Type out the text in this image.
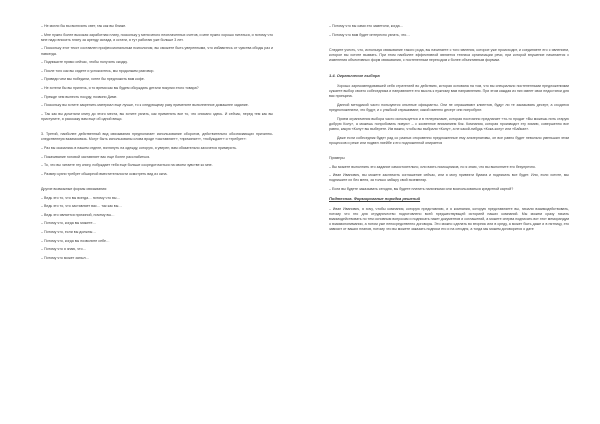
– Не могли бы вы включить свет, так как вы ближе.
– Мне нужно более высокая заработная плату, поскольку у меня много неоплаченных счетов, и мне нужно хорошо питаться, и потому что мне надо вносить плату за аренду склада, и кстати, я тут работаю уже больше 3 лет.
– Поскольку этот текст составлен профессиональным психологом, вы сможете быть уверенными, что избавитесь от чувства обиды раз и навсегда.
– Подпишите прямо сейчас, чтобы получить скидку.
– После того как вы сядете и успокоитесь, мы продолжим разговор.
– Приведи чем мы победили, хотел бы предложить вам кофе.
– Не хотели бы вы прилечь, я то время как вы будем обсуждать детали покупки этого товара?
– Прежде чем вынесть посуду, позвони Диме.
– Поскольку вы хотите закрепить материал еще лучше, то к следующему разу примените выполненное домашнее задание.
– Так как вы дочитали книгу до этого места, вы хотите узнать, как применять все то, что описано здесь. И сейчас, перед тем как вы приступите, я расскажу вам еще об одной вещи.
3. Третий, наиболее действенный вид связывания предполагает использование оборотов, действительно обозначающих причинно-следственную взаимосвязь. Могут быть использованы слова вроде «заставляет», «причиняет», «побуждает» и «требует»:
– Раз вы оказались в нашем отделе, взглянуть на одежду, которую, я уверен, вам обязательно захочется примерить.
– Покачивание головой заставляет вас еще более расслабиться.
– То, что вы читаете эту книгу, побуждает тебя еще больше сосредоточиться на своем чувстве ко мне.
– Размер кухни требует обширной вместительности осмотреть вид из окна.
Другие возможные формы связывания:
– Ведь это то, что вы всегда… потому что вы…
– Ведь это то, что заставляет вас… так как вы…
– Ведь это является причиной, почему вы…
– Потому что, когда вы можете…
– Потому что, если вы должны…
– Потому что, когда вы позволите себе…
– Потому что я знаю, что…
– Потому что может заныл…
– Потому что вы сами это заметили, когда…
– Потому что вам будет интересно узнать, что…
Следите учесть, что, используя связывание такого рода, вы начинаете с того явления, которое уже происходит, и соединяете его с явлением, которое вы хотите вызвать. При этом наиболее эффективной является техника организации речи, при которой внушение начинается с изменения объективных форм связывания, с постепенным переходом к более объективным формам.
1.4. Ограничение выбора
Хорошо зарекомендовавшей себя стратегией во действию, которая основана на том, что вы специально постепенными предложениями сужаете выбор своего собеседника и направляете его мысль к нужному вам направлению. При этом каждая из них имеет свои недостатки для вас принципа.
Данной методикой часто пользуются опытные официанты. Они не спрашивают клиентов, будут ли те заказывать десерт, а сходятся предположением, что будут, и с улыбкой спрашивают, какой именно десерт они попробуют.
Прием ограничения выбора часто используется и в телерекламе, которая постоянно предлагает «то-то продат «Вы можешь пить старую добрую Колу», а можешь попробовать новую» – с косвенное вниманием Кэк. Компания, которая производит эту химию, совершенно все равно, какую «Колу» вы выберете. Им важно, чтобы вы выбрали «Колу», а не какой-нибудь «Кока-колу» или «Байкал».
Даже если собеседник будет рад со разных откровенно предложенные ему альтернативы, он все равно будет невольно уменьшил этим процессов и реже или подвел ляейбе к его подложенной опирается
Примеры
– Вы можете выполнить это задание самостоятельно, или взять помощников, но я знаю, что вы выполните его безупречно.
– Иван Иванович, вы можете заключить соглашение сейчас, или я могу привезти бумага и подписать все будет. Или, если хотите, мы подпишите их без меня, за только забыру свой экземпляр.
– Если вы будете заказывать сегодня, вы будете платить наличными или воспользоваться кредитной картой?
Подтеснка. Формирование порядка решений
– Иван Иванович, я хочу, чтобы компания, которую представляю, и я компания, которую представляете вы, начали взаимодействовать, потому что это для отрудничество подготовлено всей предшествующей историей наших компаний. Мы можем сразу начать взаимодействовать по тем основным вопросам и подписать пакет документов и соглашений, а можете сперва подписать вот этот меморандум о взаимопонимании, а потом уже непосредственно договоры. Это можно сделать во вторник или в среду, а может быть даже и в пятницу, это зависит от ваших планов, потому что вы можете заказать подписи его и на сегодня, а тогда мы можем договорится о дате
